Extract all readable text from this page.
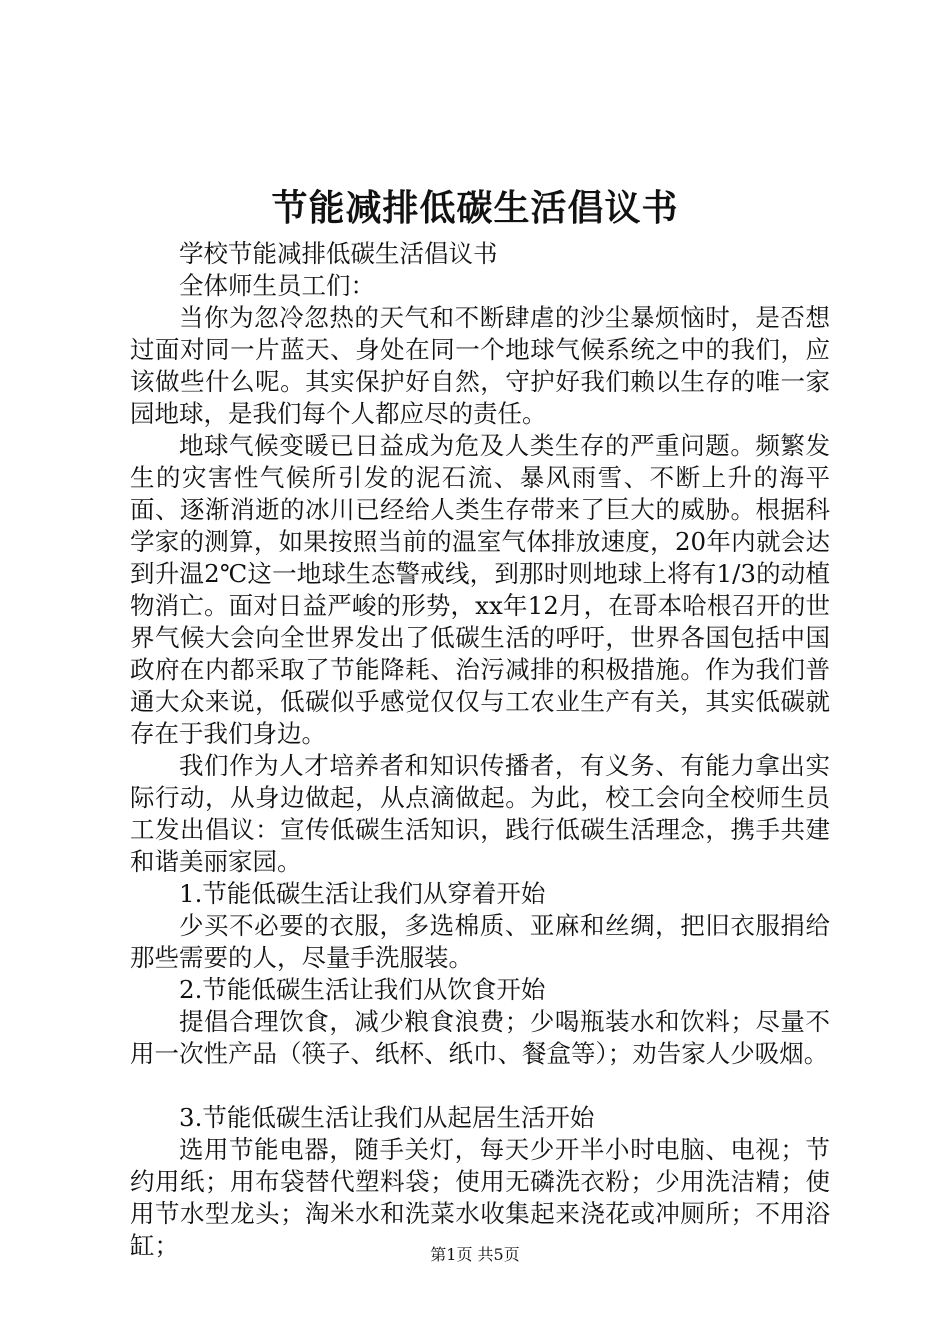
节能减排低碳生活倡议书

学校节能减排低碳生活倡议书

全体师生员工们：

当你为忽冷忽热的天气和不断肆虐的沙尘暴烦恼时，是否想过面对同一片蓝天、身处在同一个地球气候系统之中的我们，应该做些什么呢。其实保护好自然，守护好我们赖以生存的唯一家园地球，是我们每个人都应尽的责任。

地球气候变暖已日益成为危及人类生存的严重问题。频繁发生的灾害性气候所引发的泥石流、暴风雨雪、不断上升的海平面、逐渐消逝的冰川已经给人类生存带来了巨大的威胁。根据科学家的测算，如果按照当前的温室气体排放速度，20年内就会达到升温2℃这一地球生态警戒线，到那时则地球上将有1/3的动植物消亡。面对日益严峻的形势，xx年12月，在哥本哈根召开的世界气候大会向全世界发出了低碳生活的呼吁，世界各国包括中国政府在内都采取了节能降耗、治污减排的积极措施。作为我们普通大众来说，低碳似乎感觉仅仅与工农业生产有关，其实低碳就存在于我们身边。

我们作为人才培养者和知识传播者，有义务、有能力拿出实际行动，从身边做起，从点滴做起。为此，校工会向全校师生员工发出倡议：宣传低碳生活知识，践行低碳生活理念，携手共建和谐美丽家园。

1.节能低碳生活让我们从穿着开始

少买不必要的衣服，多选棉质、亚麻和丝绸，把旧衣服捐给那些需要的人，尽量手洗服装。

2.节能低碳生活让我们从饮食开始

提倡合理饮食，减少粮食浪费；少喝瓶装水和饮料；尽量不用一次性产品（筷子、纸杯、纸巾、餐盒等）；劝告家人少吸烟。

3.节能低碳生活让我们从起居生活开始

选用节能电器，随手关灯，每天少开半小时电脑、电视；节约用纸；用布袋替代塑料袋；使用无磷洗衣粉；少用洗洁精；使用节水型龙头；淘米水和洗菜水收集起来浇花或冲厕所；不用浴缸；	第1页 共5页
